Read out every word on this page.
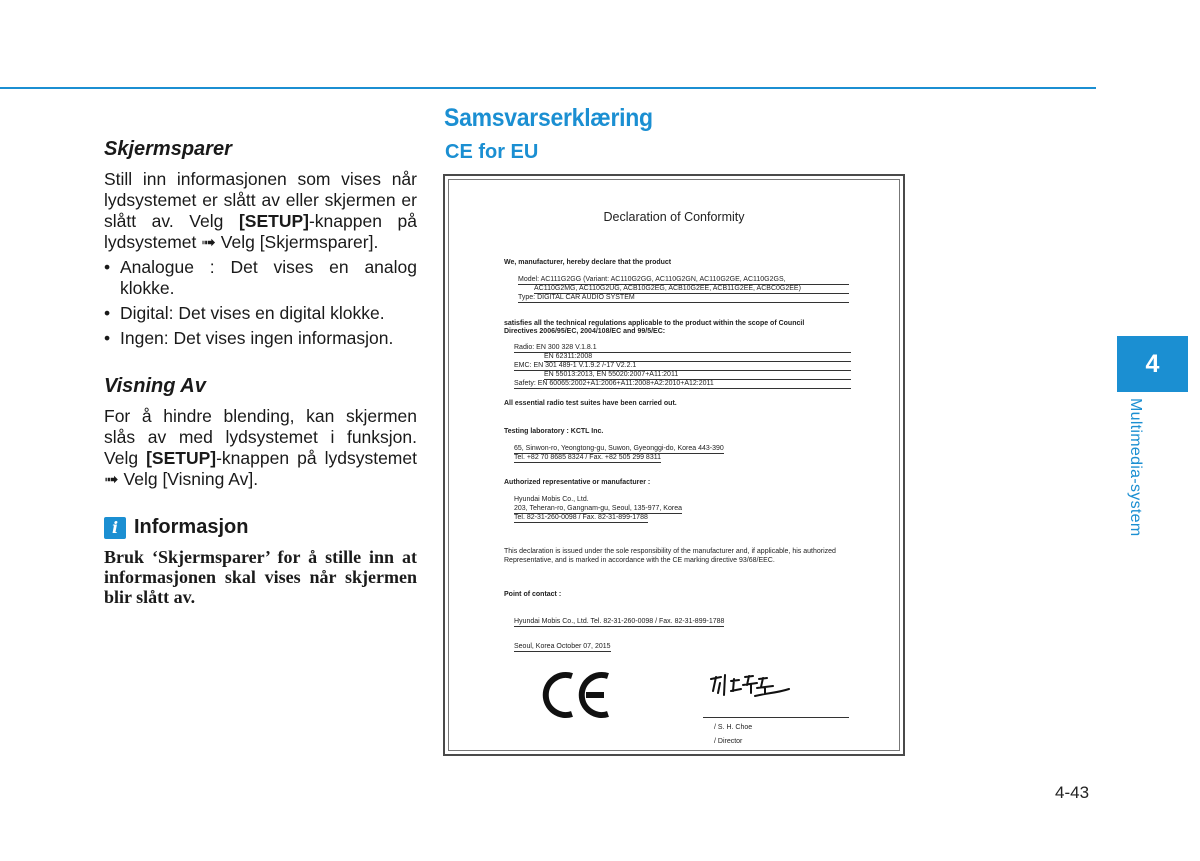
Skjermsparer

Still inn informasjonen som vises når lydsystemet er slått av eller skjermen er slått av. Velg [SETUP]-knappen på lydsystemet ➟ Velg [Skjermsparer].

• Analogue : Det vises en analog klokke.
• Digital: Det vises en digital klokke.
• Ingen: Det vises ingen informasjon.
Visning Av

For å hindre blending, kan skjermen slås av med lydsystemet i funksjon. Velg [SETUP]-knappen på lydsystemet ➟ Velg [Visning Av].

i Informasjon
Bruk ‘Skjermsparer’ for å stille inn at informasjonen skal vises når skjermen blir slått av.
Samsvarserklæring
CE for EU
Declaration of Conformity
We, manufacturer, hereby declare that the product
Model: AC111G2GG (Variant: AC110G2GG, AC110G2GN, AC110G2GE, AC110G2GS,
AC110G2MG, AC110G2UG, ACB10G2EG, ACB10G2EE, ACB11G2EE, ACBC0G2EE)
Type: DIGITAL CAR AUDIO SYSTEM
satisfies all the technical regulations applicable to the product within the scope of Council
Directives 2006/95/EC, 2004/108/EC and 99/5/EC:
Radio: EN 300 328 V.1.8.1
EN 62311:2008
EMC: EN 301 489-1 V.1.9.2 /-17 V2.2.1
EN 55013:2013, EN 55020:2007+A11:2011
Safety: EN 60065:2002+A1:2006+A11:2008+A2:2010+A12:2011
All essential radio test suites have been carried out.
Testing laboratory : KCTL Inc.
65, Sinwon-ro, Yeongtong-gu, Suwon, Gyeonggi-do, Korea 443-390
Tel. +82 70 8685 8324 / Fax. +82 505 299 8311
Authorized representative or manufacturer :
Hyundai Mobis Co., Ltd.
203, Teheran-ro, Gangnam-gu, Seoul, 135-977, Korea
Tel. 82-31-260-0098 / Fax. 82-31-899-1788
This declaration is issued under the sole responsibility of the manufacturer and, if applicable, his authorized
Representative, and is marked in accordance with the CE marking directive 93/68/EEC.
Point of contact :
Hyundai Mobis Co., Ltd. Tel. 82-31-260-0098 / Fax. 82-31-899-1788
Seoul, Korea October 07, 2015
/ S. H. Choe
/ Director
4
Multimedia-system
4-43
